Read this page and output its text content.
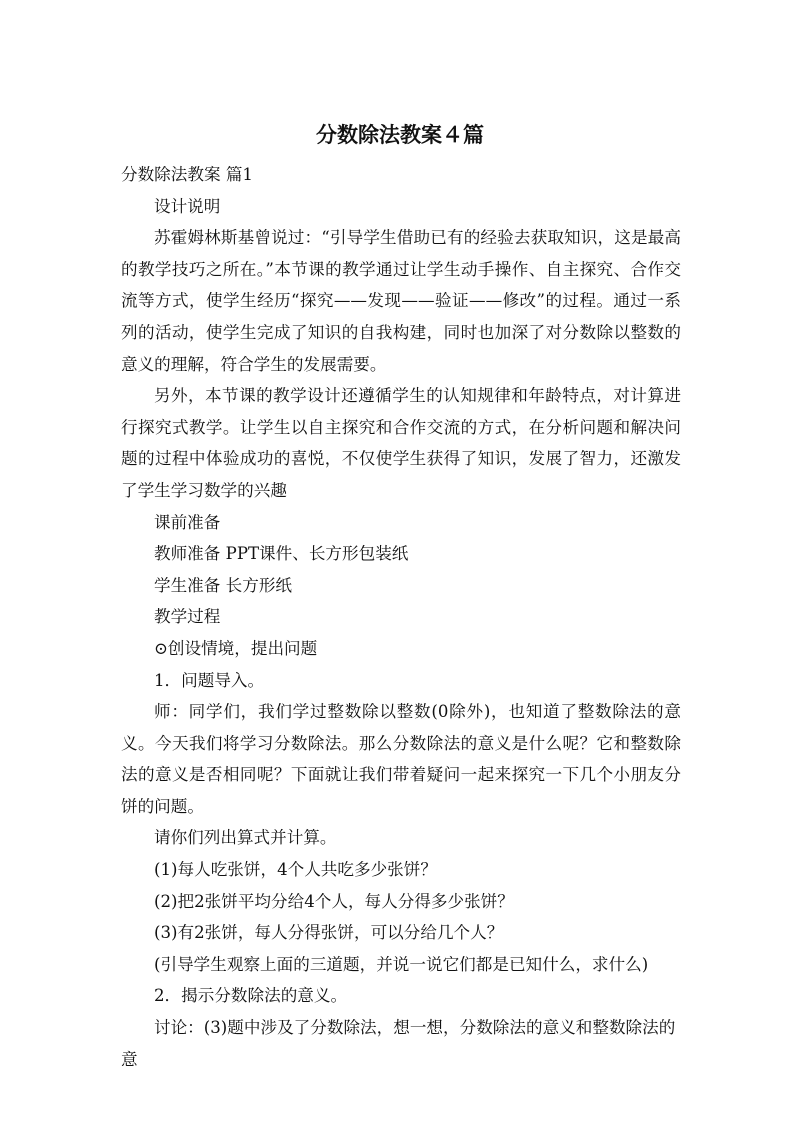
分数除法教案４篇

分数除法教案 篇1

设计说明

苏霍姆林斯基曾说过：“引导学生借助已有的经验去获取知识，这是最高的教学技巧之所在。”本节课的教学通过让学生动手操作、自主探究、合作交流等方式，使学生经历“探究——发现——验证——修改”的过程。通过一系列的活动，使学生完成了知识的自我构建，同时也加深了对分数除以整数的意义的理解，符合学生的发展需要。

另外，本节课的教学设计还遵循学生的认知规律和年龄特点，对计算进行探究式教学。让学生以自主探究和合作交流的方式，在分析问题和解决问题的过程中体验成功的喜悦，不仅使学生获得了知识，发展了智力，还激发了学生学习数学的兴趣

课前准备

教师准备 PPT课件、长方形包装纸

学生准备 长方形纸

教学过程

⊙创设情境，提出问题

1．问题导入。

师：同学们，我们学过整数除以整数(0除外)，也知道了整数除法的意义。今天我们将学习分数除法。那么分数除法的意义是什么呢？它和整数除法的意义是否相同呢？下面就让我们带着疑问一起来探究一下几个小朋友分饼的问题。

请你们列出算式并计算。

(1)每人吃张饼，4个人共吃多少张饼？

(2)把2张饼平均分给4个人，每人分得多少张饼？

(3)有2张饼，每人分得张饼，可以分给几个人？

(引导学生观察上面的三道题，并说一说它们都是已知什么，求什么)

2．揭示分数除法的意义。

讨论：(3)题中涉及了分数除法，想一想，分数除法的意义和整数除法的意
